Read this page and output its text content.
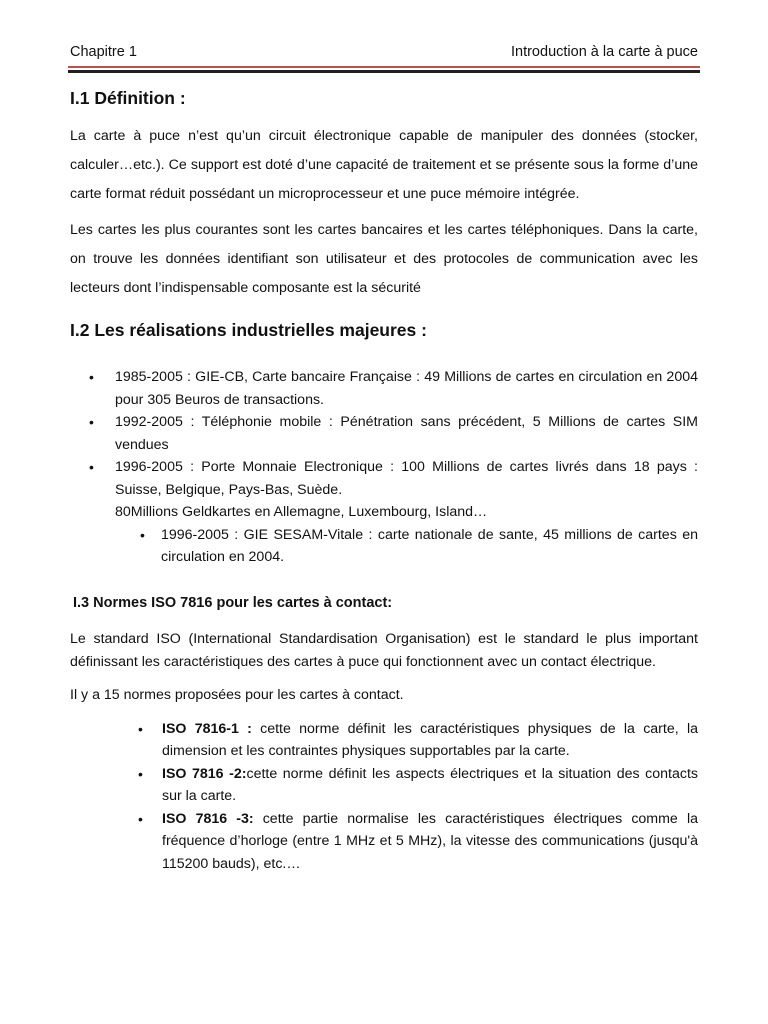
Chapitre 1	Introduction à la carte à puce
I.1 Définition :

La carte à puce n’est qu’un circuit électronique capable de manipuler des données (stocker, calculer…etc.). Ce support est doté d’une capacité de traitement et se présente sous la forme d’une carte format réduit possédant un microprocesseur et une puce mémoire intégrée.

Les cartes les plus courantes sont les cartes bancaires et les cartes téléphoniques. Dans la carte, on trouve les données identifiant son utilisateur et des protocoles de communication avec les lecteurs dont l’indispensable composante est la sécurité

I.2 Les réalisations industrielles majeures :
• 1985-2005 : GIE-CB, Carte bancaire Française : 49 Millions de cartes en circulation en 2004 pour 305 Beuros de transactions.
• 1992-2005 : Téléphonie mobile : Pénétration sans précédent, 5 Millions de cartes SIM vendues
• 1996-2005 : Porte Monnaie Electronique : 100 Millions de cartes livrés dans 18 pays : Suisse, Belgique, Pays-Bas, Suède.
80Millions Geldkartes en Allemagne, Luxembourg, Island…
• 1996-2005 : GIE SESAM-Vitale : carte nationale de sante, 45 millions de cartes en circulation en 2004.
I.3 Normes ISO 7816 pour les cartes à contact:

Le standard ISO (International Standardisation Organisation) est le standard le plus important définissant les caractéristiques des cartes à puce qui fonctionnent avec un contact électrique.

Il y a 15 normes proposées pour les cartes à contact.

• ISO 7816-1 : cette norme définit les caractéristiques physiques de la carte, la dimension et les contraintes physiques supportables par la carte.
• ISO 7816 -2:cette norme définit les aspects électriques et la situation des contacts sur la carte.
• ISO 7816 -3: cette partie normalise les caractéristiques électriques comme la fréquence d’horloge (entre 1 MHz et 5 MHz), la vitesse des communications (jusqu'à 115200 bauds), etc.…
